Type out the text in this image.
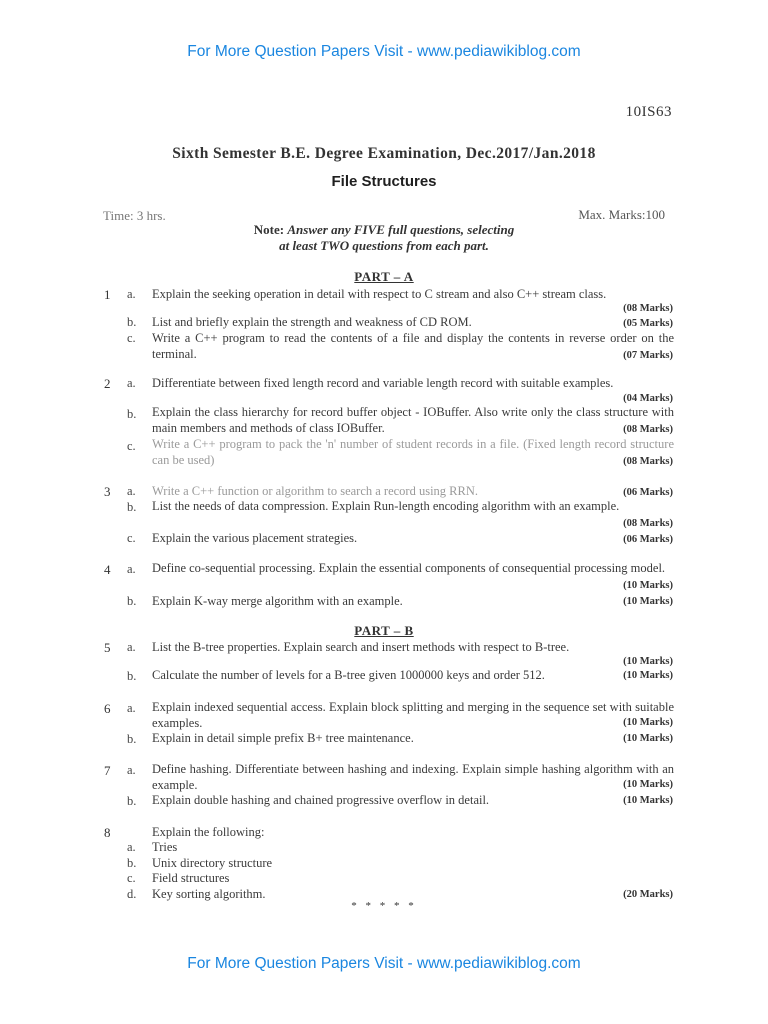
For More Question Papers Visit - www.pediawikiblog.com
10IS63
Sixth Semester B.E. Degree Examination, Dec.2017/Jan.2018
File Structures
Time: 3 hrs.	Max. Marks:100
Note: Answer any FIVE full questions, selecting
at least TWO questions from each part.
PART – A
1 a.	Explain the seeking operation in detail with respect to C stream and also C++ stream class.
(08 Marks)
b.	List and briefly explain the strength and weakness of CD ROM.	(05 Marks)
c.	Write a C++ program to read the contents of a file and display the contents in reverse order on the terminal.	(07 Marks)
2 a.	Differentiate between fixed length record and variable length record with suitable examples.
(04 Marks)
b.	Explain the class hierarchy for record buffer object - IOBuffer. Also write only the class structure with main members and methods of class IOBuffer.	(08 Marks)
c.	Write a C++ program to pack the 'n' number of student records in a file. (Fixed length record structure can be used)	(08 Marks)
3 a.	Write a C++ function or algorithm to search a record using RRN.	(06 Marks)
b.	List the needs of data compression. Explain Run-length encoding algorithm with an example.
(08 Marks)
c.	Explain the various placement strategies.	(06 Marks)
4 a.	Define co-sequential processing. Explain the essential components of consequential processing model.
(10 Marks)
b.	Explain K-way merge algorithm with an example.	(10 Marks)
PART – B
5 a.	List the B-tree properties. Explain search and insert methods with respect to B-tree.
(10 Marks)
b.	Calculate the number of levels for a B-tree given 1000000 keys and order 512.	(10 Marks)
6 a.	Explain indexed sequential access. Explain block splitting and merging in the sequence set with suitable examples.	(10 Marks)
b.	Explain in detail simple prefix B+ tree maintenance.	(10 Marks)
7 a.	Define hashing. Differentiate between hashing and indexing. Explain simple hashing algorithm with an example.	(10 Marks)
b.	Explain double hashing and chained progressive overflow in detail.	(10 Marks)
8	Explain the following:
a.	Tries
b.	Unix directory structure
c.	Field structures
d.	Key sorting algorithm.	(20 Marks)
* * * * *
For More Question Papers Visit - www.pediawikiblog.com
